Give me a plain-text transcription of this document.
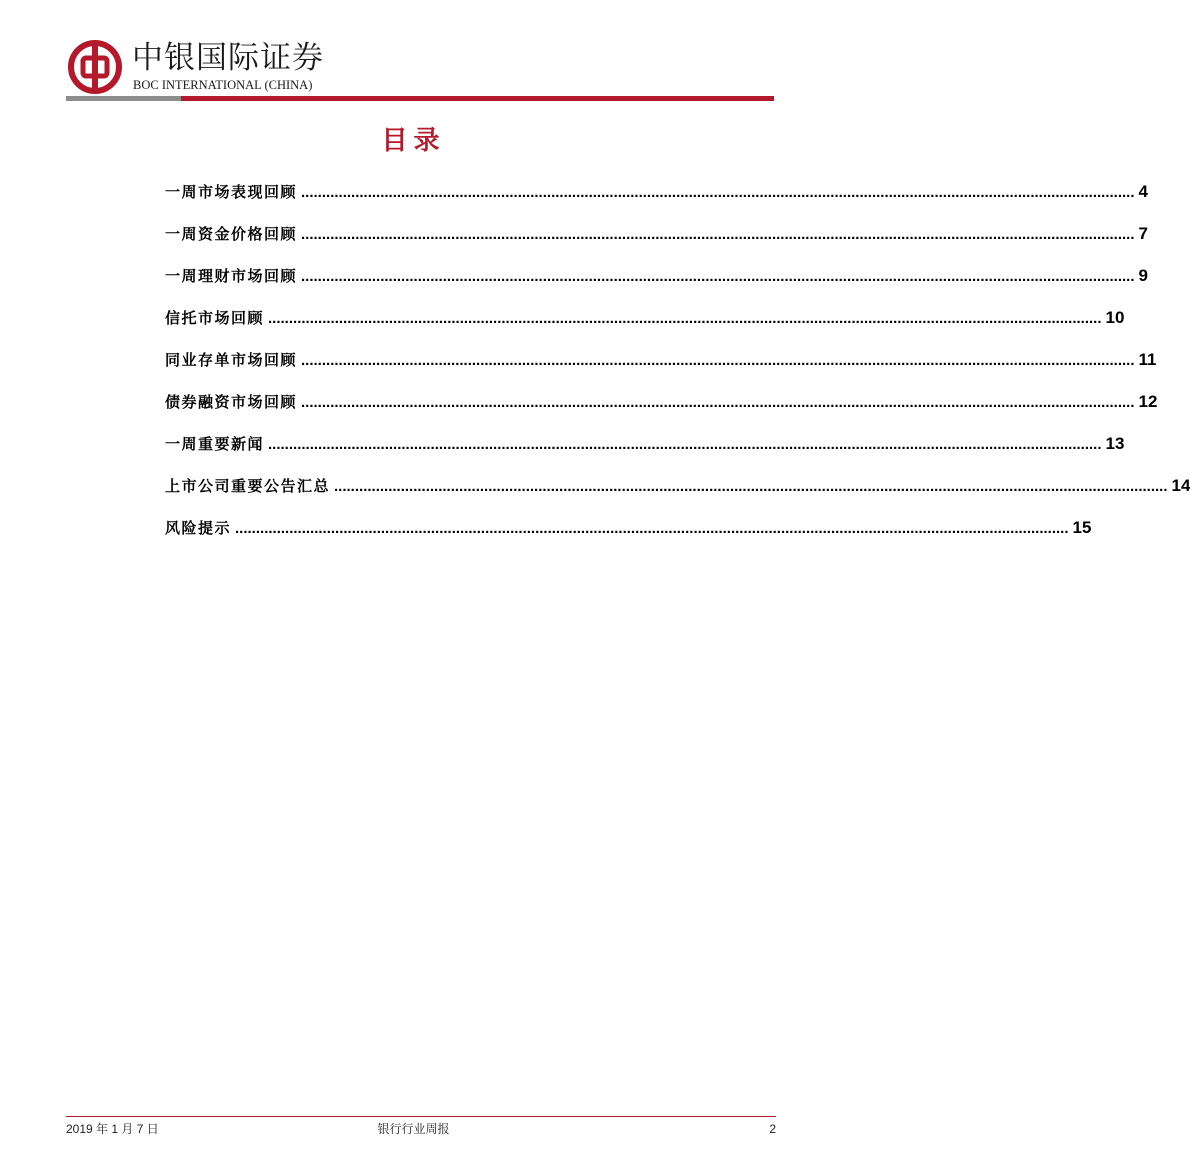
中银国际证券
BOC INTERNATIONAL (CHINA)
目录
一周市场表现回顾 ........................................................................................................................................................................................................ 4
一周资金价格回顾 ........................................................................................................................................................................................................ 7
一周理财市场回顾 ........................................................................................................................................................................................................ 9
信托市场回顾 ........................................................................................................................................................................................................ 10
同业存单市场回顾 ........................................................................................................................................................................................................ 11
债券融资市场回顾 ........................................................................................................................................................................................................ 12
一周重要新闻 ........................................................................................................................................................................................................ 13
上市公司重要公告汇总 ........................................................................................................................................................................................................ 14
风险提示 ........................................................................................................................................................................................................ 15
2019 年 1 月 7 日	银行行业周报	2
